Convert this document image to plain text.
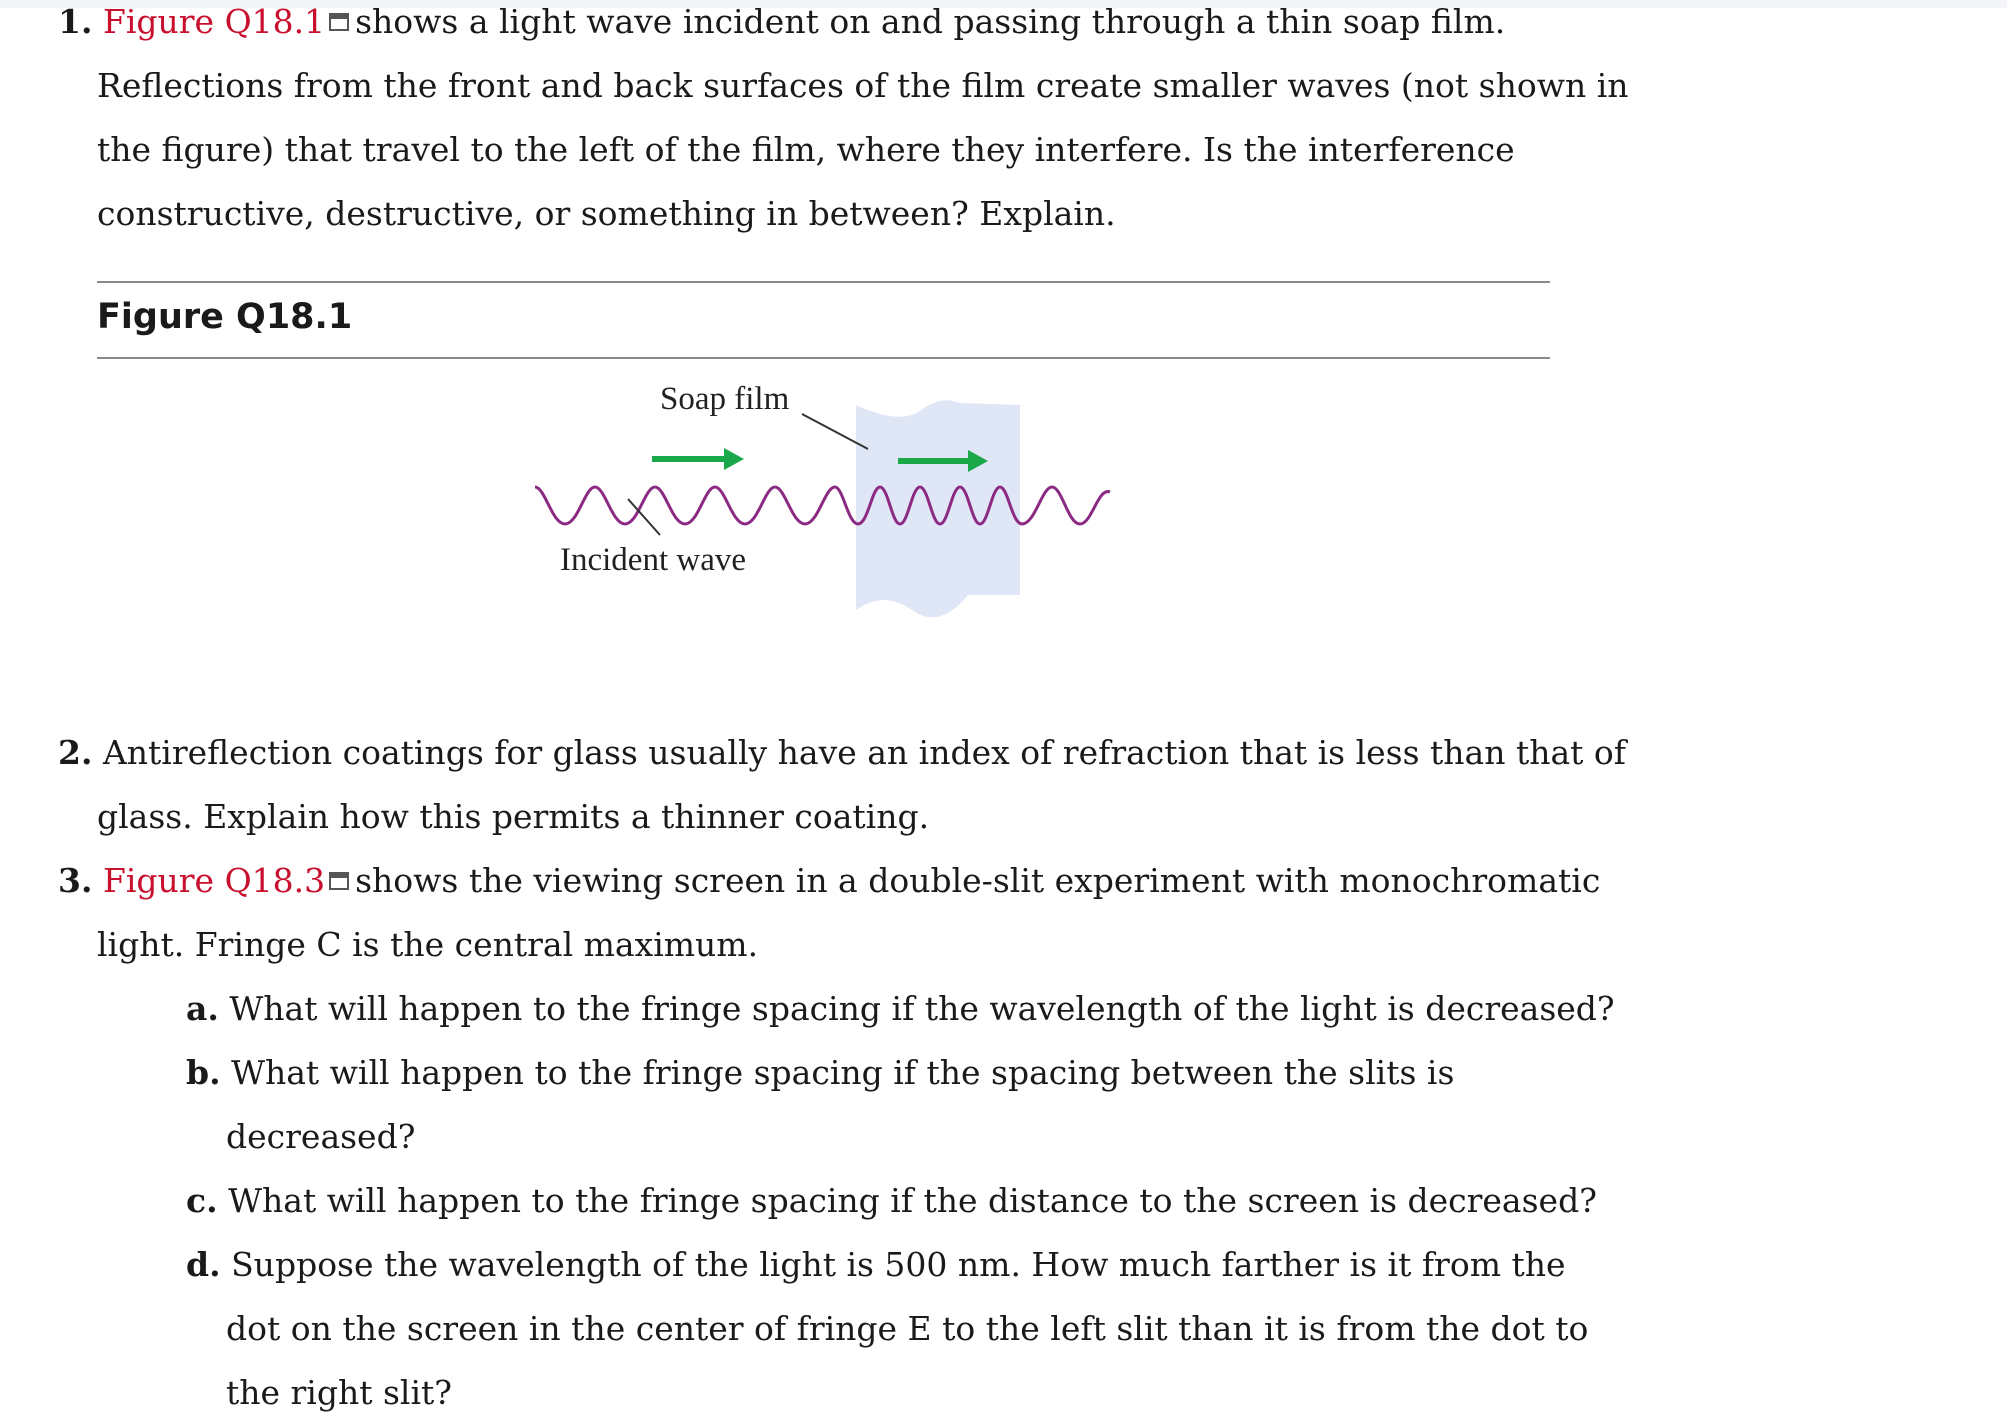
1. Figure Q18.1 shows a light wave incident on and passing through a thin soap film.
Reflections from the front and back surfaces of the film create smaller waves (not shown in
the figure) that travel to the left of the film, where they interfere. Is the interference
constructive, destructive, or something in between? Explain.
Figure Q18.1
Soap film
Incident wave
2. Antireflection coatings for glass usually have an index of refraction that is less than that of
glass. Explain how this permits a thinner coating.
3. Figure Q18.3 shows the viewing screen in a double-slit experiment with monochromatic
light. Fringe C is the central maximum.
a. What will happen to the fringe spacing if the wavelength of the light is decreased?
b. What will happen to the fringe spacing if the spacing between the slits is
decreased?
c. What will happen to the fringe spacing if the distance to the screen is decreased?
d. Suppose the wavelength of the light is 500 nm. How much farther is it from the
dot on the screen in the center of fringe E to the left slit than it is from the dot to
the right slit?
